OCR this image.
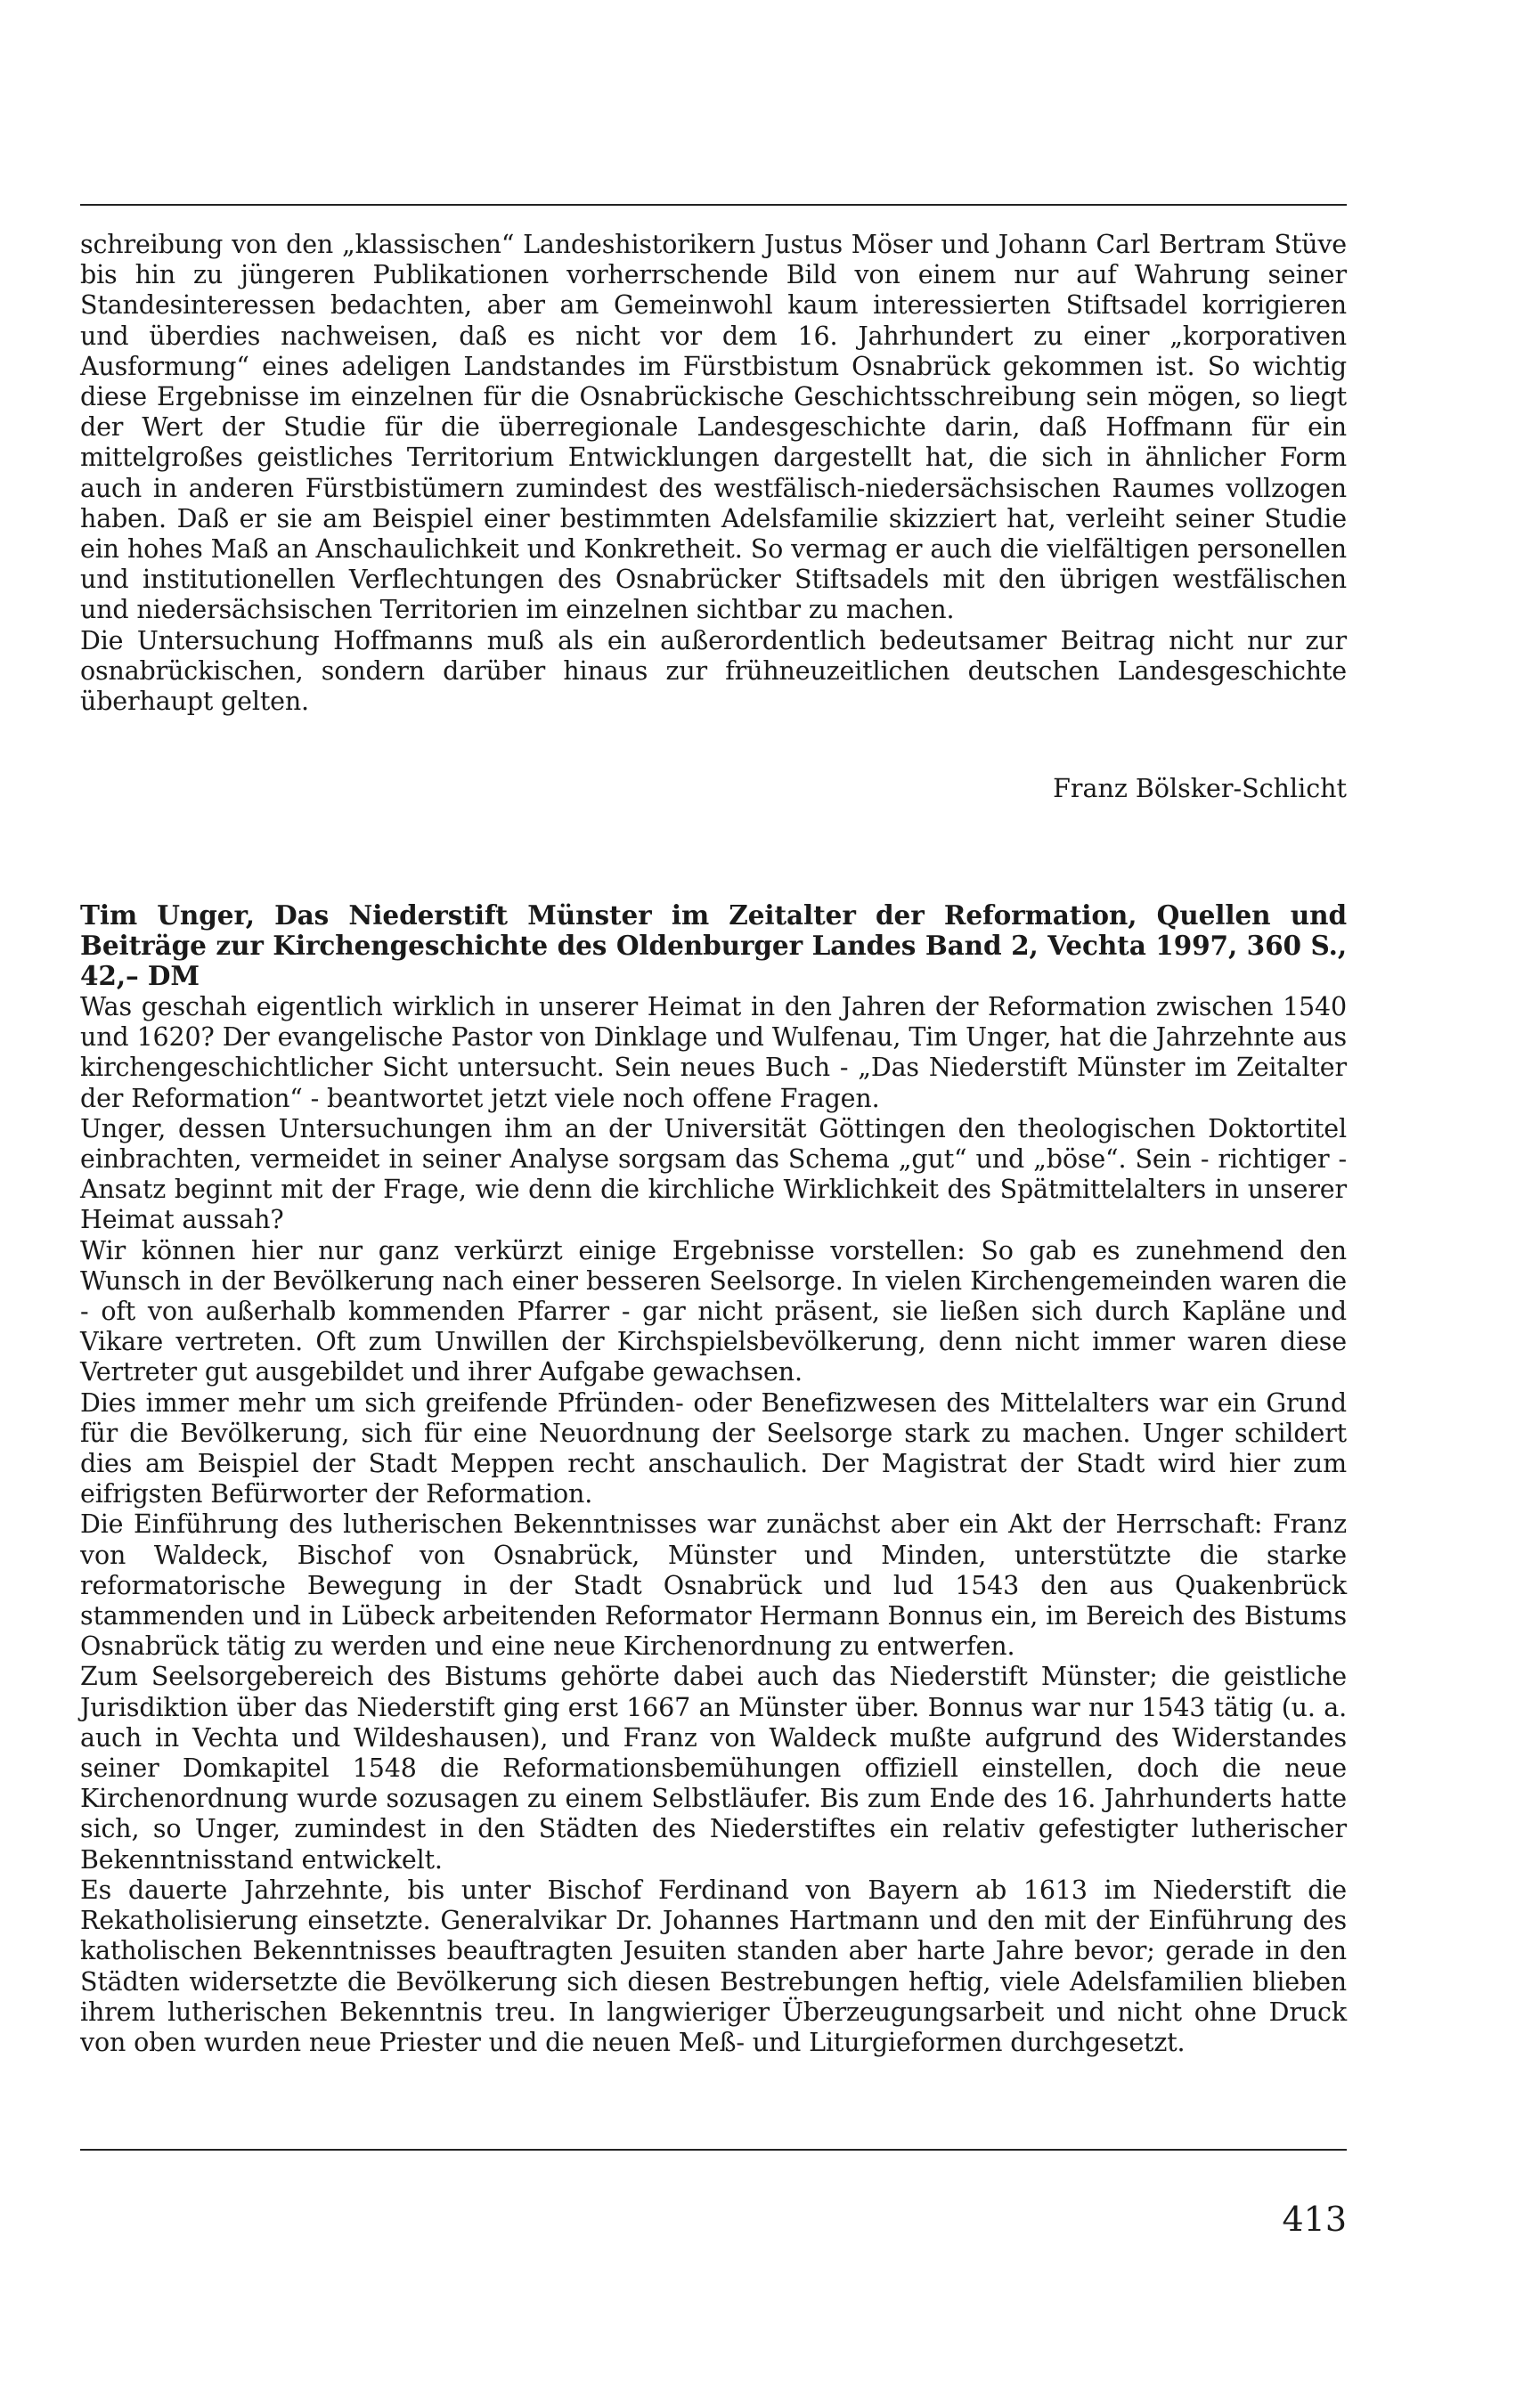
schreibung von den „klassischen“ Landeshistorikern Justus Möser und Johann Carl Bertram Stüve bis hin zu jüngeren Publikationen vorherrschende Bild von einem nur auf Wahrung seiner Standesinteressen bedachten, aber am Gemeinwohl kaum interessierten Stiftsadel korrigieren und überdies nachweisen, daß es nicht vor dem 16. Jahrhundert zu einer „korporativen Ausformung“ eines adeligen Landstandes im Fürstbistum Osnabrück gekommen ist. So wichtig diese Ergebnisse im einzelnen für die Osnabrückische Geschichtsschreibung sein mögen, so liegt der Wert der Studie für die überregionale Landesgeschichte darin, daß Hoffmann für ein mittelgroßes geistliches Territorium Entwicklungen dargestellt hat, die sich in ähnlicher Form auch in anderen Fürstbistümern zumindest des westfälisch-niedersächsischen Raumes vollzogen haben. Daß er sie am Beispiel einer bestimmten Adelsfamilie skizziert hat, verleiht seiner Studie ein hohes Maß an Anschaulichkeit und Konkretheit. So vermag er auch die vielfältigen personellen und institutionellen Verflechtungen des Osnabrücker Stiftsadels mit den übrigen westfälischen und niedersächsischen Territorien im einzelnen sichtbar zu machen.

Die Untersuchung Hoffmanns muß als ein außerordentlich bedeutsamer Beitrag nicht nur zur osnabrückischen, sondern darüber hinaus zur frühneuzeitlichen deutschen Landesgeschichte überhaupt gelten.

Franz Bölsker-Schlicht
Tim Unger, Das Niederstift Münster im Zeitalter der Reformation, Quellen und Beiträge zur Kirchengeschichte des Oldenburger Landes Band 2, Vechta 1997, 360 S., 42,– DM

Was geschah eigentlich wirklich in unserer Heimat in den Jahren der Reformation zwischen 1540 und 1620? Der evangelische Pastor von Dinklage und Wulfenau, Tim Unger, hat die Jahrzehnte aus kirchengeschichtlicher Sicht untersucht. Sein neues Buch - „Das Niederstift Münster im Zeitalter der Reformation“ - beantwortet jetzt viele noch offene Fragen.

Unger, dessen Untersuchungen ihm an der Universität Göttingen den theologischen Doktortitel einbrachten, vermeidet in seiner Analyse sorgsam das Schema „gut“ und „böse“. Sein - richtiger - Ansatz beginnt mit der Frage, wie denn die kirchliche Wirklichkeit des Spätmittelalters in unserer Heimat aussah?

Wir können hier nur ganz verkürzt einige Ergebnisse vorstellen: So gab es zunehmend den Wunsch in der Bevölkerung nach einer besseren Seelsorge. In vielen Kirchengemeinden waren die - oft von außerhalb kommenden Pfarrer - gar nicht präsent, sie ließen sich durch Kapläne und Vikare vertreten. Oft zum Unwillen der Kirchspielsbevölkerung, denn nicht immer waren diese Vertreter gut ausgebildet und ihrer Aufgabe gewachsen.

Dies immer mehr um sich greifende Pfründen- oder Benefizwesen des Mittelalters war ein Grund für die Bevölkerung, sich für eine Neuordnung der Seelsorge stark zu machen. Unger schildert dies am Beispiel der Stadt Meppen recht anschaulich. Der Magistrat der Stadt wird hier zum eifrigsten Befürworter der Reformation.

Die Einführung des lutherischen Bekenntnisses war zunächst aber ein Akt der Herrschaft: Franz von Waldeck, Bischof von Osnabrück, Münster und Minden, unterstützte die starke reformatorische Bewegung in der Stadt Osnabrück und lud 1543 den aus Quakenbrück stammenden und in Lübeck arbeitenden Reformator Hermann Bonnus ein, im Bereich des Bistums Osnabrück tätig zu werden und eine neue Kirchenordnung zu entwerfen.

Zum Seelsorgebereich des Bistums gehörte dabei auch das Niederstift Münster; die geistliche Jurisdiktion über das Niederstift ging erst 1667 an Münster über. Bonnus war nur 1543 tätig (u. a. auch in Vechta und Wildeshausen), und Franz von Waldeck mußte aufgrund des Widerstandes seiner Domkapitel 1548 die Reformationsbemühungen offiziell einstellen, doch die neue Kirchenordnung wurde sozusagen zu einem Selbstläufer. Bis zum Ende des 16. Jahrhunderts hatte sich, so Unger, zumindest in den Städten des Niederstiftes ein relativ gefestigter lutherischer Bekenntnisstand entwickelt.

Es dauerte Jahrzehnte, bis unter Bischof Ferdinand von Bayern ab 1613 im Niederstift die Rekatholisierung einsetzte. Generalvikar Dr. Johannes Hartmann und den mit der Einführung des katholischen Bekenntnisses beauftragten Jesuiten standen aber harte Jahre bevor; gerade in den Städten widersetzte die Bevölkerung sich diesen Bestrebungen heftig, viele Adelsfamilien blieben ihrem lutherischen Bekenntnis treu. In langwieriger Überzeugungsarbeit und nicht ohne Druck von oben wurden neue Priester und die neuen Meß- und Liturgieformen durchgesetzt.

413
